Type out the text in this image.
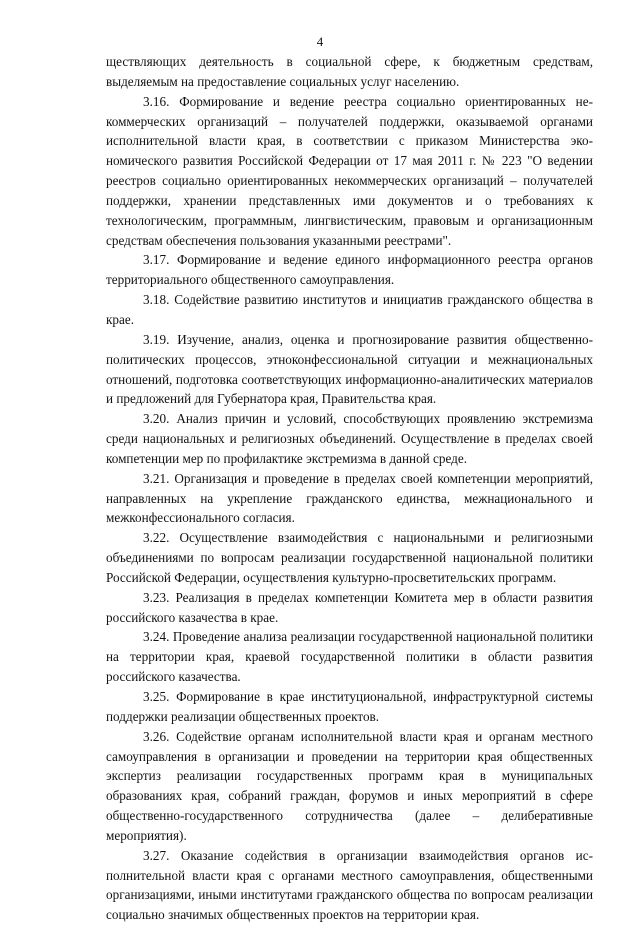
4

ществляющих деятельность в социальной сфере, к бюджетным средствам, выделяемым на предоставление социальных услуг населению.

3.16. Формирование и ведение реестра социально ориентированных некоммерческих организаций – получателей поддержки, оказываемой органами исполнительной власти края, в соответствии с приказом Министерства экономического развития Российской Федерации от 17 мая 2011 г. № 223 "О ведении реестров социально ориентированных некоммерческих организаций – получателей поддержки, хранении представленных ими документов и о требованиях к технологическим, программным, лингвистическим, правовым и организационным средствам обеспечения пользования указанными реестрами".

3.17. Формирование и ведение единого информационного реестра органов территориального общественного самоуправления.

3.18. Содействие развитию институтов и инициатив гражданского общества в крае.

3.19. Изучение, анализ, оценка и прогнозирование развития общественно-политических процессов, этноконфессиональной ситуации и межнациональных отношений, подготовка соответствующих информационно-аналитических материалов и предложений для Губернатора края, Правительства края.

3.20. Анализ причин и условий, способствующих проявлению экстремизма среди национальных и религиозных объединений. Осуществление в пределах своей компетенции мер по профилактике экстремизма в данной среде.

3.21. Организация и проведение в пределах своей компетенции мероприятий, направленных на укрепление гражданского единства, межнационального и межконфессионального согласия.

3.22. Осуществление взаимодействия с национальными и религиозными объединениями по вопросам реализации государственной национальной политики Российской Федерации, осуществления культурно-просветительских программ.

3.23. Реализация в пределах компетенции Комитета мер в области развития российского казачества в крае.

3.24. Проведение анализа реализации государственной национальной политики на территории края, краевой государственной политики в области развития российского казачества.

3.25. Формирование в крае институциональной, инфраструктурной системы поддержки реализации общественных проектов.

3.26. Содействие органам исполнительной власти края и органам местного самоуправления в организации и проведении на территории края общественных экспертиз реализации государственных программ края в муниципальных образованиях края, собраний граждан, форумов и иных мероприятий в сфере общественно-государственного сотрудничества (далее – делиберативные мероприятия).

3.27. Оказание содействия в организации взаимодействия органов исполнительной власти края с органами местного самоуправления, общественными организациями, иными институтами гражданского общества по вопросам реализации социально значимых общественных проектов на территории края.
